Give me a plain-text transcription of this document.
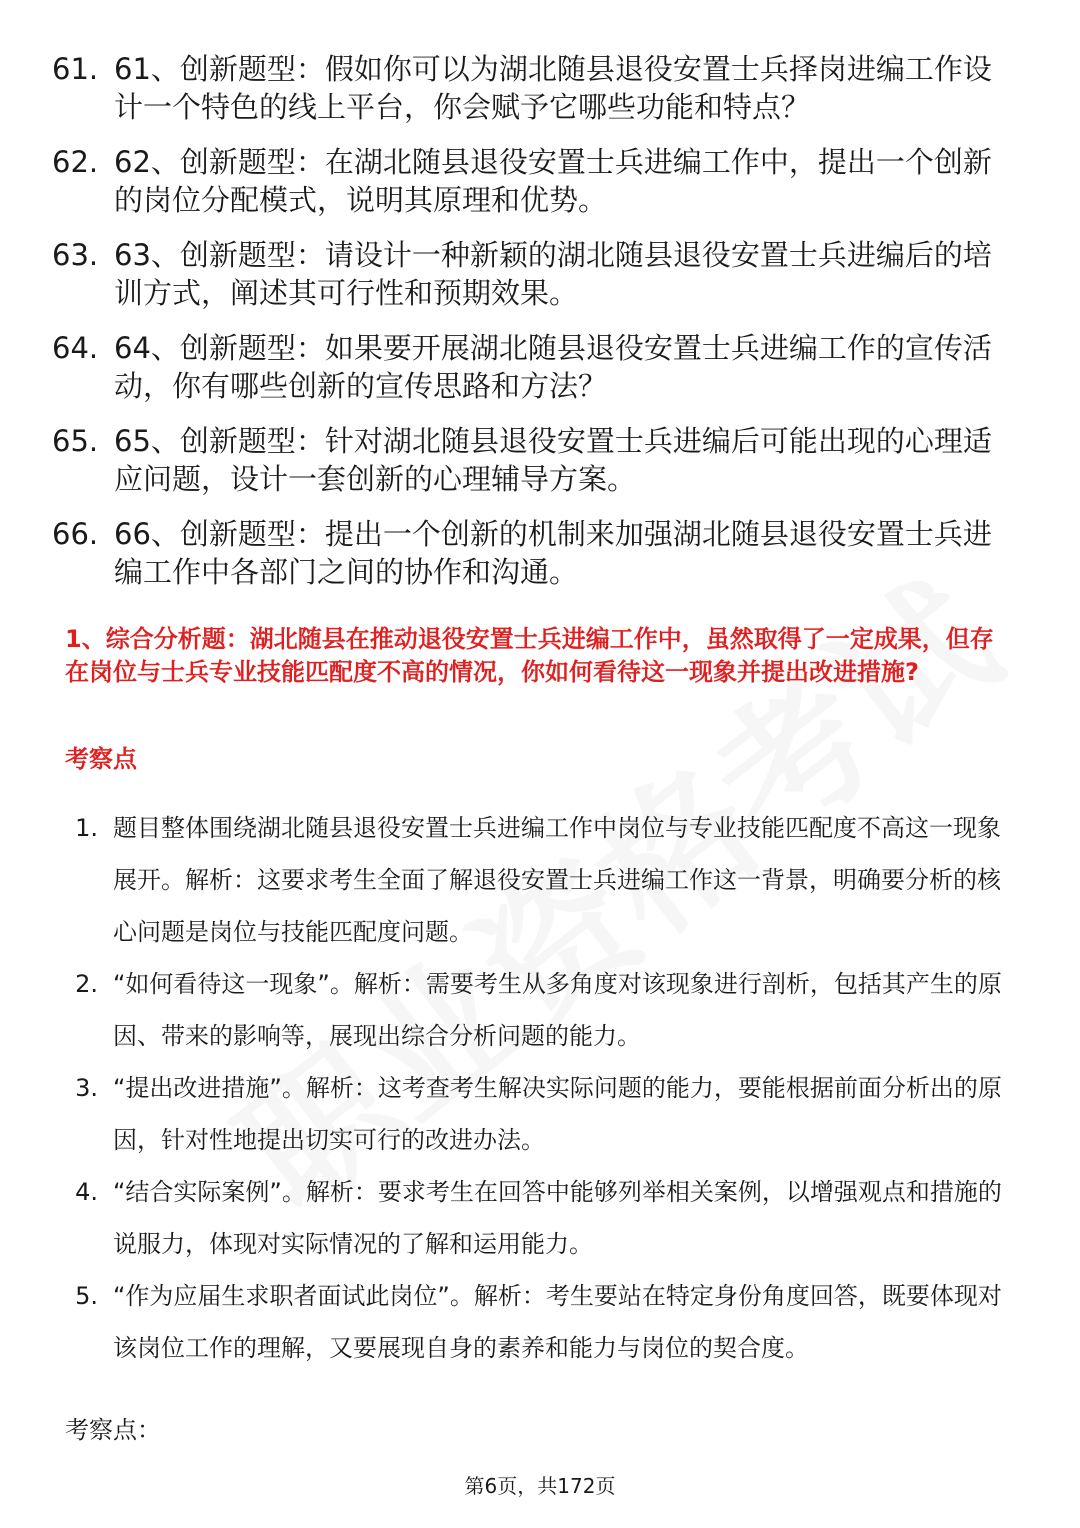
61. 61、创新题型：假如你可以为湖北随县退役安置士兵择岗进编工作设计一个特色的线上平台，你会赋予它哪些功能和特点？
62. 62、创新题型：在湖北随县退役安置士兵进编工作中，提出一个创新的岗位分配模式，说明其原理和优势。
63. 63、创新题型：请设计一种新颖的湖北随县退役安置士兵进编后的培训方式，阐述其可行性和预期效果。
64. 64、创新题型：如果要开展湖北随县退役安置士兵进编工作的宣传活动，你有哪些创新的宣传思路和方法？
65. 65、创新题型：针对湖北随县退役安置士兵进编后可能出现的心理适应问题，设计一套创新的心理辅导方案。
66. 66、创新题型：提出一个创新的机制来加强湖北随县退役安置士兵进编工作中各部门之间的协作和沟通。
1、综合分析题：湖北随县在推动退役安置士兵进编工作中，虽然取得了一定成果，但存在岗位与士兵专业技能匹配度不高的情况，你如何看待这一现象并提出改进措施?
考察点
1. 题目整体围绕湖北随县退役安置士兵进编工作中岗位与专业技能匹配度不高这一现象展开。解析：这要求考生全面了解退役安置士兵进编工作这一背景，明确要分析的核心问题是岗位与技能匹配度问题。
2. “如何看待这一现象”。解析：需要考生从多角度对该现象进行剖析，包括其产生的原因、带来的影响等，展现出综合分析问题的能力。
3. “提出改进措施”。解析：这考查考生解决实际问题的能力，要能根据前面分析出的原因，针对性地提出切实可行的改进办法。
4. “结合实际案例”。解析：要求考生在回答中能够列举相关案例，以增强观点和措施的说服力，体现对实际情况的了解和运用能力。
5. “作为应届生求职者面试此岗位”。解析：考生要站在特定身份角度回答，既要体现对该岗位工作的理解，又要展现自身的素养和能力与岗位的契合度。
考察点：
第6页，共172页
